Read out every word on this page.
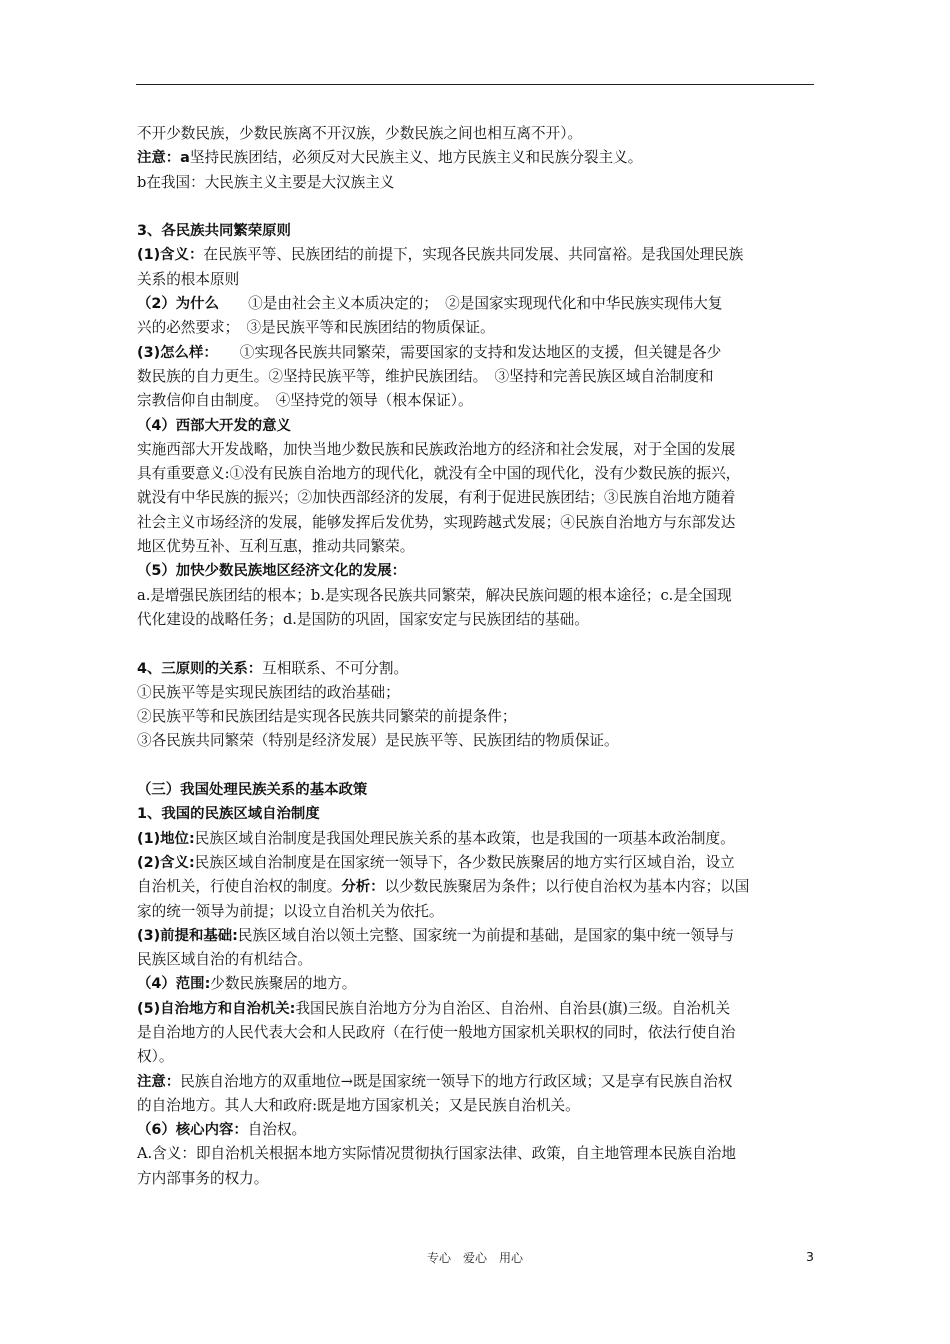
不开少数民族，少数民族离不开汉族，少数民族之间也相互离不开）。

注意：a坚持民族团结，必须反对大民族主义、地方民族主义和民族分裂主义。

b在我国：大民族主义主要是大汉族主义

3、各民族共同繁荣原则

(1)含义：在民族平等、民族团结的前提下，实现各民族共同发展、共同富裕。是我国处理民族

关系的根本原则

（2）为什么　　①是由社会主义本质决定的；　②是国家实现现代化和中华民族实现伟大复

兴的必然要求；　③是民族平等和民族团结的物质保证。

(3)怎么样：　　①实现各民族共同繁荣，需要国家的支持和发达地区的支援，但关键是各少

数民族的自力更生。②坚持民族平等，维护民族团结。　③坚持和完善民族区域自治制度和

宗教信仰自由制度。　④坚持党的领导（根本保证）。

（4）西部大开发的意义

实施西部大开发战略，加快当地少数民族和民族政治地方的经济和社会发展，对于全国的发展

具有重要意义:①没有民族自治地方的现代化，就没有全中国的现代化，没有少数民族的振兴，

就没有中华民族的振兴；②加快西部经济的发展，有利于促进民族团结；③民族自治地方随着

社会主义市场经济的发展，能够发挥后发优势，实现跨越式发展；④民族自治地方与东部发达

地区优势互补、互利互惠，推动共同繁荣。

（5）加快少数民族地区经济文化的发展：

a.是增强民族团结的根本；b.是实现各民族共同繁荣，解决民族问题的根本途径；c.是全国现

代化建设的战略任务；d.是国防的巩固，国家安定与民族团结的基础。

4、三原则的关系：互相联系、不可分割。

①民族平等是实现民族团结的政治基础；

②民族平等和民族团结是实现各民族共同繁荣的前提条件；

③各民族共同繁荣（特别是经济发展）是民族平等、民族团结的物质保证。

（三）我国处理民族关系的基本政策

1、我国的民族区域自治制度

(1)地位:民族区域自治制度是我国处理民族关系的基本政策，也是我国的一项基本政治制度。

(2)含义:民族区域自治制度是在国家统一领导下，各少数民族聚居的地方实行区域自治，设立

自治机关，行使自治权的制度。分析：以少数民族聚居为条件；以行使自治权为基本内容；以国

家的统一领导为前提；以设立自治机关为依托。

(3)前提和基础:民族区域自治以领土完整、国家统一为前提和基础，是国家的集中统一领导与

民族区域自治的有机结合。

（4）范围:少数民族聚居的地方。

(5)自治地方和自治机关:我国民族自治地方分为自治区、自治州、自治县(旗)三级。自治机关

是自治地方的人民代表大会和人民政府（在行使一般地方国家机关职权的同时，依法行使自治

权）。

注意：民族自治地方的双重地位→既是国家统一领导下的地方行政区域；又是享有民族自治权

的自治地方。其人大和政府:既是地方国家机关；又是民族自治机关。

（6）核心内容：自治权。

A.含义：即自治机关根据本地方实际情况贯彻执行国家法律、政策，自主地管理本民族自治地

方内部事务的权力。

专心　爱心　用心	3
